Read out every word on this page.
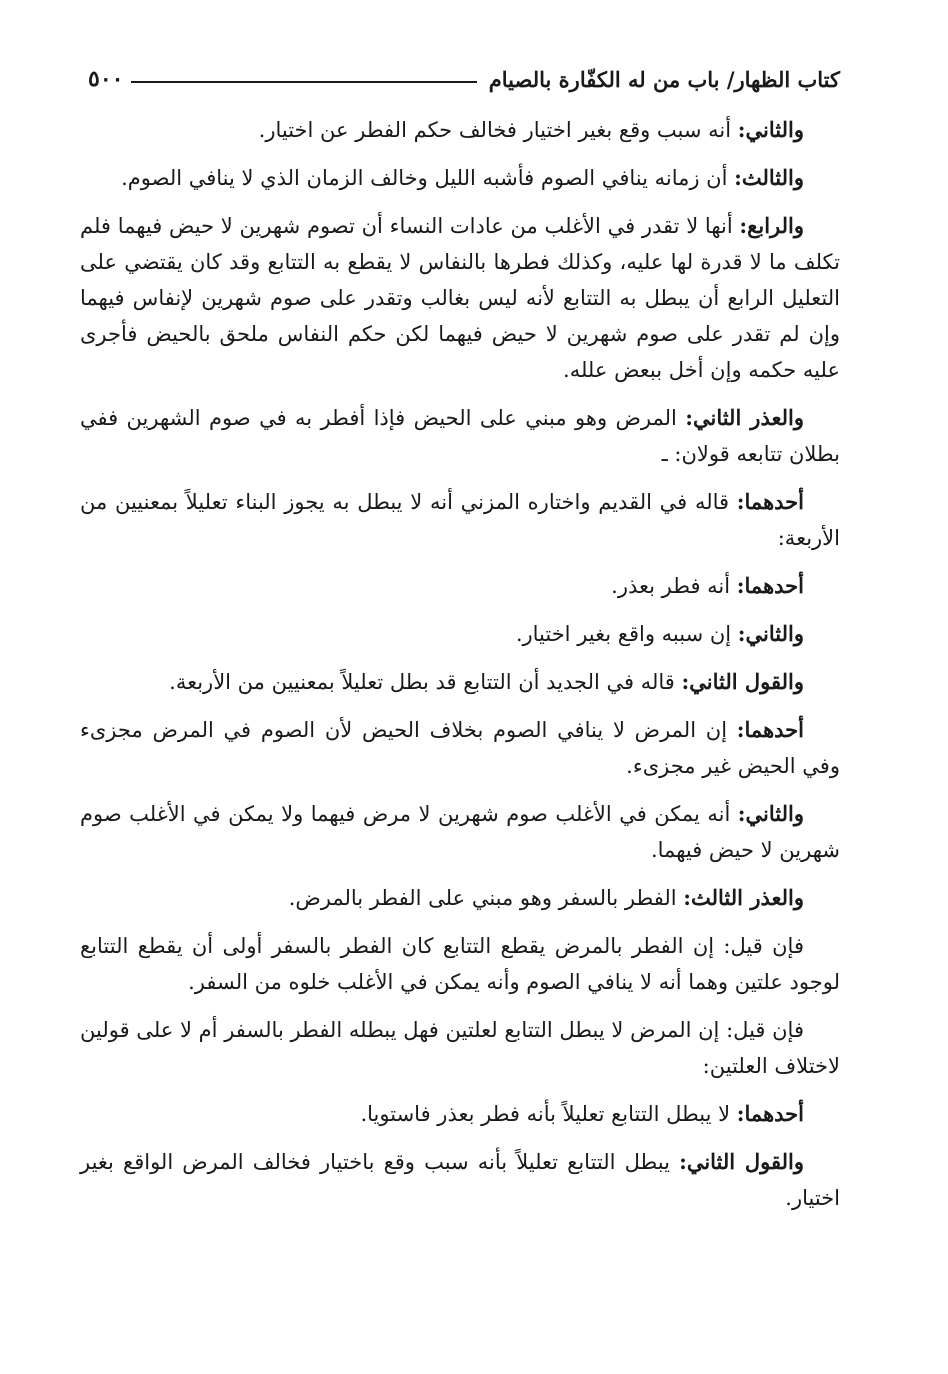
كتاب الظهار/ باب من له الكفّارة بالصيام
٥٠٠

والثاني: أنه سبب وقع بغير اختيار فخالف حكم الفطر عن اختيار.

والثالث: أن زمانه ينافي الصوم فأشبه الليل وخالف الزمان الذي لا ينافي الصوم.

والرابع: أنها لا تقدر في الأغلب من عادات النساء أن تصوم شهرين لا حيض فيهما فلم تكلف ما لا قدرة لها عليه، وكذلك فطرها بالنفاس لا يقطع به التتابع وقد كان يقتضي على التعليل الرابع أن يبطل به التتابع لأنه ليس بغالب وتقدر على صوم شهرين لإنفاس فيهما وإن لم تقدر على صوم شهرين لا حيض فيهما لكن حكم النفاس ملحق بالحيض فأجرى عليه حكمه وإن أخل ببعض علله.

والعذر الثاني: المرض وهو مبني على الحيض فإذا أفطر به في صوم الشهرين ففي بطلان تتابعه قولان: ـ

أحدهما: قاله في القديم واختاره المزني أنه لا يبطل به يجوز البناء تعليلاً بمعنيين من الأربعة:

أحدهما: أنه فطر بعذر.

والثاني: إن سببه واقع بغير اختيار.

والقول الثاني: قاله في الجديد أن التتابع قد بطل تعليلاً بمعنيين من الأربعة.

أحدهما: إن المرض لا ينافي الصوم بخلاف الحيض لأن الصوم في المرض مجزىء وفي الحيض غير مجزىء.

والثاني: أنه يمكن في الأغلب صوم شهرين لا مرض فيهما ولا يمكن في الأغلب صوم شهرين لا حيض فيهما.

والعذر الثالث: الفطر بالسفر وهو مبني على الفطر بالمرض.

فإن قيل: إن الفطر بالمرض يقطع التتابع كان الفطر بالسفر أولى أن يقطع التتابع لوجود علتين وهما أنه لا ينافي الصوم وأنه يمكن في الأغلب خلوه من السفر.

فإن قيل: إن المرض لا يبطل التتابع لعلتين فهل يبطله الفطر بالسفر أم لا على قولين لاختلاف العلتين:

أحدهما: لا يبطل التتابع تعليلاً بأنه فطر بعذر فاستويا.

والقول الثاني: يبطل التتابع تعليلاً بأنه سبب وقع باختيار فخالف المرض الواقع بغير اختيار.
